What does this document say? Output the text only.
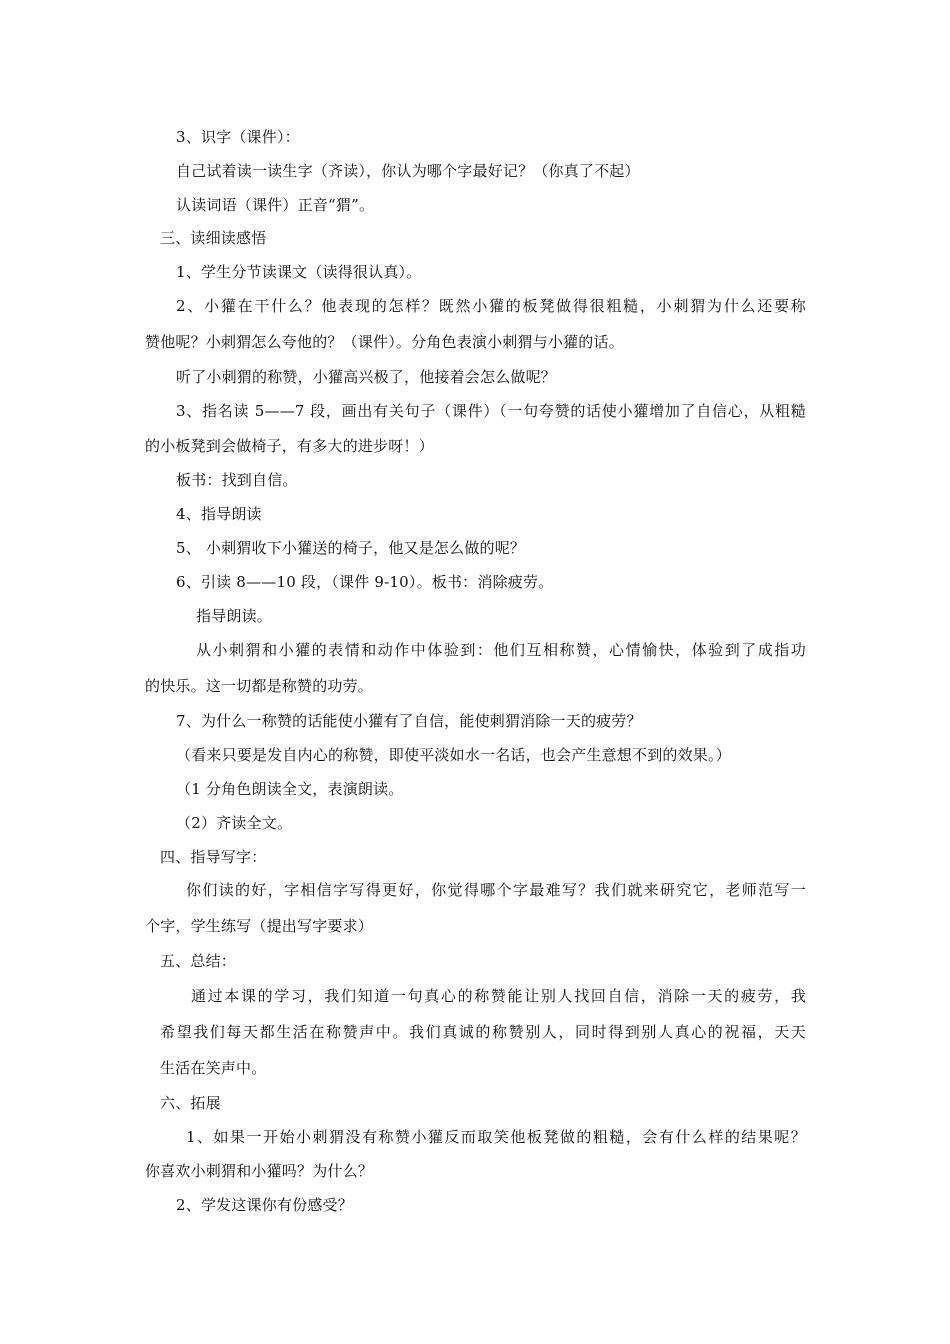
3、识字（课件）：
自己试着读一读生字（齐读），你认为哪个字最好记？（你真了不起）
认读词语（课件）正音“猬”。
三、读细读感悟
1、学生分节读课文（读得很认真）。
2、小獾在干什么？他表现的怎样？既然小獾的板凳做得很粗糙，小刺猬为什么还要称
赞他呢？小刺猬怎么夸他的？（课件）。分角色表演小刺猬与小獾的话。
听了小刺猬的称赞，小獾高兴极了，他接着会怎么做呢？
3、指名读 5——7 段，画出有关句子（课件）（一句夸赞的话使小獾增加了自信心，从粗糙
的小板凳到会做椅子，有多大的进步呀！）
板书：找到自信。
4、指导朗读
5、 小刺猬收下小獾送的椅子，他又是怎么做的呢？
6、引读 8——10 段，（课件 9-10）。板书：消除疲劳。
指导朗读。
从小刺猬和小獾的表情和动作中体验到：他们互相称赞，心情愉快，体验到了成指功
的快乐。这一切都是称赞的功劳。
7、为什么一称赞的话能使小獾有了自信，能使刺猬消除一天的疲劳？
（看来只要是发自内心的称赞，即使平淡如水一名话，也会产生意想不到的效果。）
（1 分角色朗读全文，表演朗读。
（2）齐读全文。
四、指导写字：
你们读的好，字相信字写得更好，你觉得哪个字最难写？我们就来研究它，老师范写一
个字，学生练写（提出写字要求）
五、总结：
通过本课的学习，我们知道一句真心的称赞能让别人找回自信，消除一天的疲劳，我
希望我们每天都生活在称赞声中。我们真诚的称赞别人，同时得到别人真心的祝福，天天
生活在笑声中。
六、拓展
1、如果一开始小刺猬没有称赞小獾反而取笑他板凳做的粗糙，会有什么样的结果呢？
你喜欢小刺猬和小獾吗？为什么？
2、学发这课你有份感受？
